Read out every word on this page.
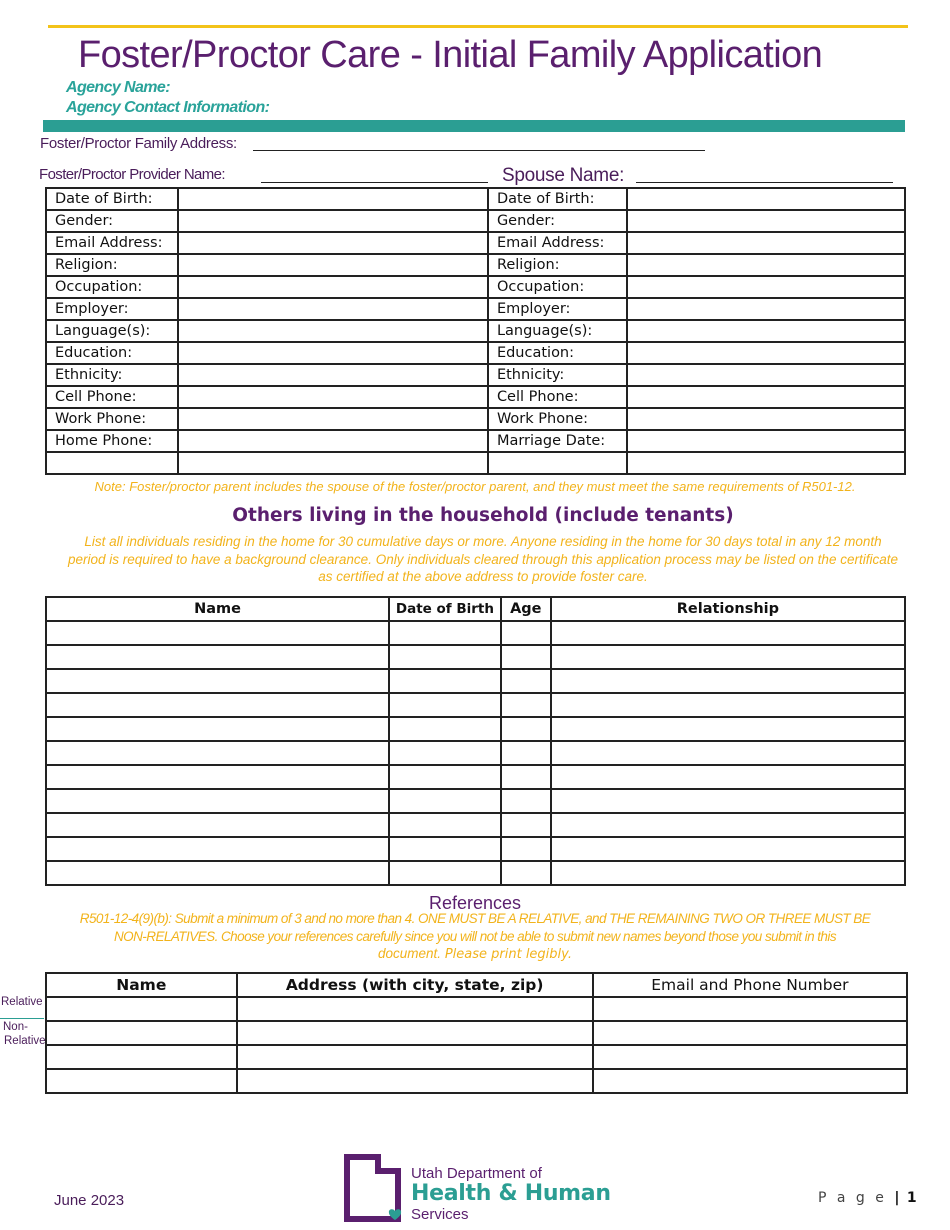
Foster/Proctor Care - Initial Family Application
Agency Name:
Agency Contact Information:
Foster/Proctor Family Address:
Foster/Proctor Provider Name:	Spouse Name:
Date of Birth:		Date of Birth:	
Gender:		Gender:	
Email Address:		Email Address:	
Religion:		Religion:	
Occupation:		Occupation:	
Employer:		Employer:	
Language(s):		Language(s):	
Education:		Education:	
Ethnicity:		Ethnicity:	
Cell Phone:		Cell Phone:	
Work Phone:		Work Phone:	
Home Phone:		Marriage Date:	

Note: Foster/proctor parent includes the spouse of the foster/proctor parent, and they must meet the same requirements of R501-12.
Others living in the household (include tenants)
List all individuals residing in the home for 30 cumulative days or more. Anyone residing in the home for 30 days total in any 12 month
period is required to have a background clearance. Only individuals cleared through this application process may be listed on the certificate
as certified at the above address to provide foster care.
Name	Date of Birth	Age	Relationship

References
R501-12-4(9)(b): Submit a minimum of 3 and no more than 4. ONE MUST BE A RELATIVE, and THE REMAINING TWO OR THREE MUST BE
NON-RELATIVES. Choose your references carefully since you will not be able to submit new names beyond those you submit in this
document. Please print legibly.
Name	Address (with city, state, zip)	Email and Phone Number

Relative
Non-
Relative
June 2023
Utah Department of
Health & Human
Services
P a g e | 1
